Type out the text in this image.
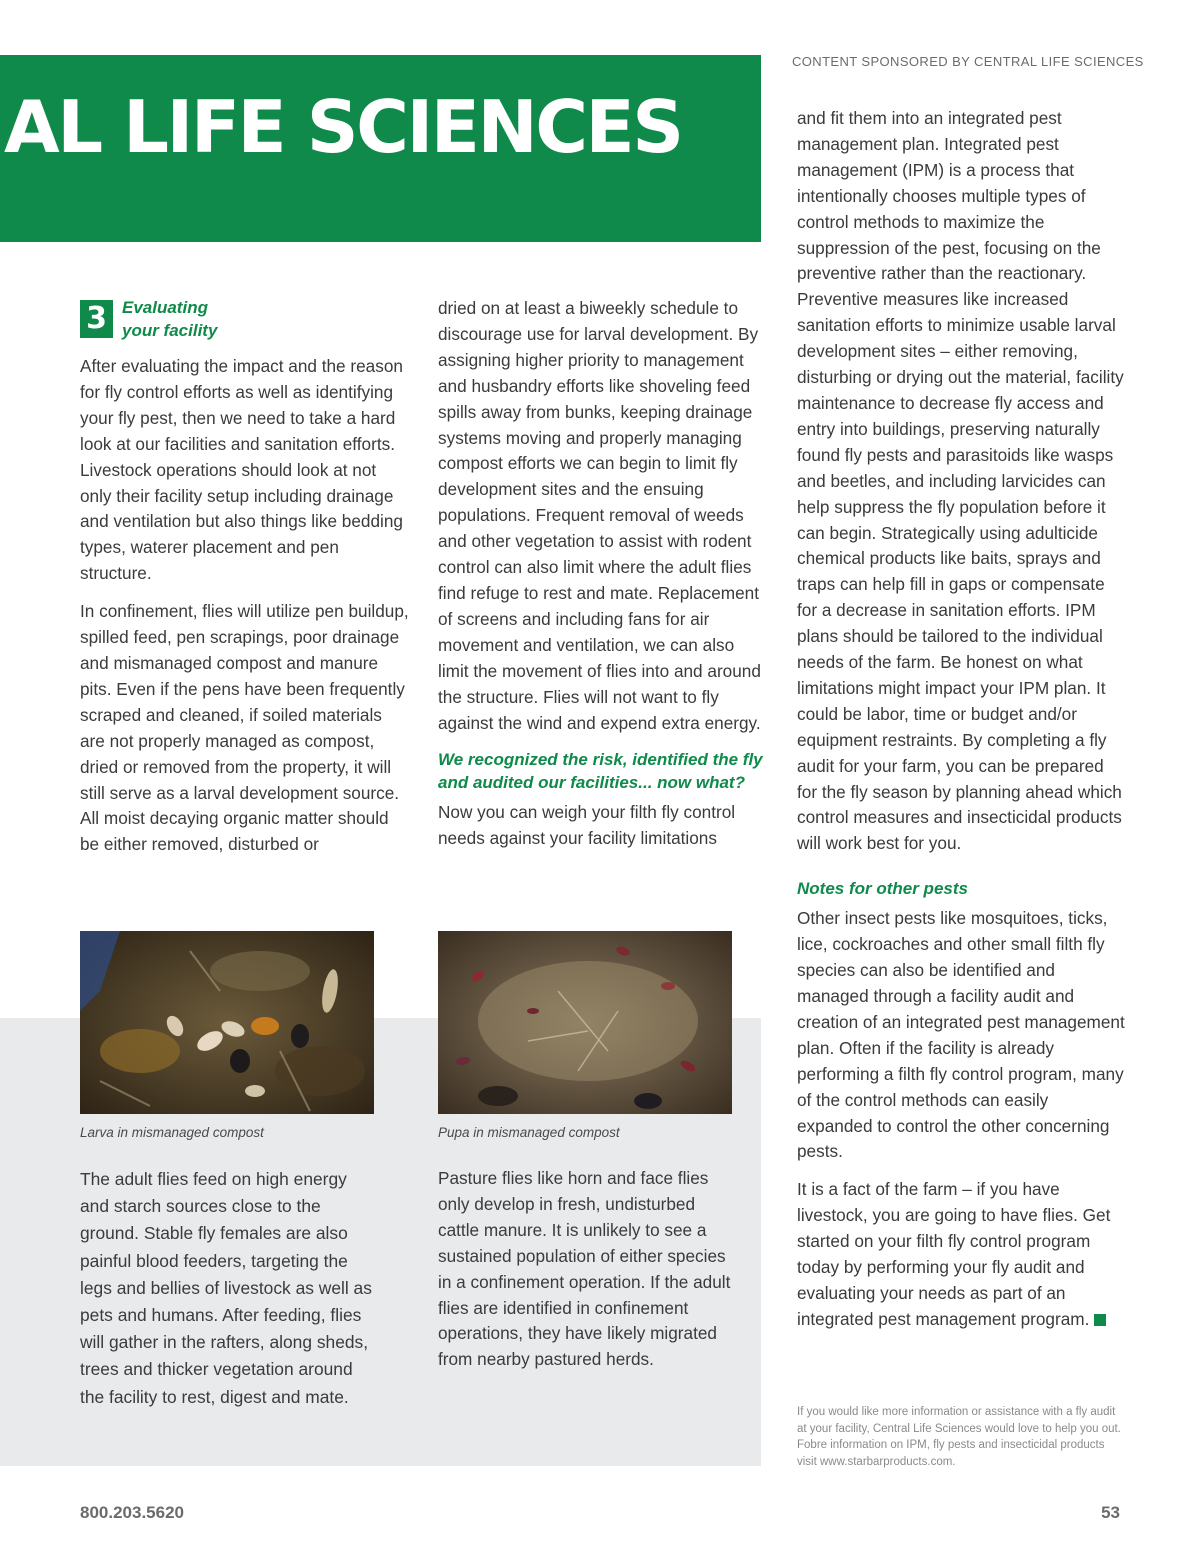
AL LIFE SCIENCES
CONTENT SPONSORED BY CENTRAL LIFE SCIENCES
3 Evaluating your facility

After evaluating the impact and the reason for fly control efforts as well as identifying your fly pest, then we need to take a hard look at our facilities and sanitation efforts. Livestock operations should look at not only their facility setup including drainage and ventilation but also things like bedding types, waterer placement and pen structure.

In confinement, flies will utilize pen buildup, spilled feed, pen scrapings, poor drainage and mismanaged compost and manure pits. Even if the pens have been frequently scraped and cleaned, if soiled materials are not properly managed as compost, dried or removed from the property, it will still serve as a larval development source. All moist decaying organic matter should be either removed, disturbed or

dried on at least a biweekly schedule to discourage use for larval development. By assigning higher priority to management and husbandry efforts like shoveling feed spills away from bunks, keeping drainage systems moving and properly managing compost efforts we can begin to limit fly development sites and the ensuing populations. Frequent removal of weeds and other vegetation to assist with rodent control can also limit where the adult flies find refuge to rest and mate. Replacement of screens and including fans for air movement and ventilation, we can also limit the movement of flies into and around the structure. Flies will not want to fly against the wind and expend extra energy.

We recognized the risk, identified the fly and audited our facilities... now what?

Now you can weigh your filth fly control needs against your facility limitations

and fit them into an integrated pest management plan. Integrated pest management (IPM) is a process that intentionally chooses multiple types of control methods to maximize the suppression of the pest, focusing on the preventive rather than the reactionary. Preventive measures like increased sanitation efforts to minimize usable larval development sites – either removing, disturbing or drying out the material, facility maintenance to decrease fly access and entry into buildings, preserving naturally found fly pests and parasitoids like wasps and beetles, and including larvicides can help suppress the fly population before it can begin. Strategically using adulticide chemical products like baits, sprays and traps can help fill in gaps or compensate for a decrease in sanitation efforts. IPM plans should be tailored to the individual needs of the farm. Be honest on what limitations might impact your IPM plan. It could be labor, time or budget and/or equipment restraints. By completing a fly audit for your farm, you can be prepared for the fly season by planning ahead which control measures and insecticidal products will work best for you.

Notes for other pests

Other insect pests like mosquitoes, ticks, lice, cockroaches and other small filth fly species can also be identified and managed through a facility audit and creation of an integrated pest management plan. Often if the facility is already performing a filth fly control program, many of the control methods can easily expanded to control the other concerning pests.

It is a fact of the farm – if you have livestock, you are going to have flies. Get started on your filth fly control program today by performing your fly audit and evaluating your needs as part of an integrated pest management program.

Larva in mismanaged compost	Pupa in mismanaged compost

The adult flies feed on high energy and starch sources close to the ground. Stable fly females are also painful blood feeders, targeting the legs and bellies of livestock as well as pets and humans. After feeding, flies will gather in the rafters, along sheds, trees and thicker vegetation around the facility to rest, digest and mate.

Pasture flies like horn and face flies only develop in fresh, undisturbed cattle manure. It is unlikely to see a sustained population of either species in a confinement operation. If the adult flies are identified in confinement operations, they have likely migrated from nearby pastured herds.

If you would like more information or assistance with a fly audit at your facility, Central Life Sciences would love to help you out. Fobre information on IPM, fly pests and insecticidal products visit www.starbarproducts.com.
800.203.5620	53
